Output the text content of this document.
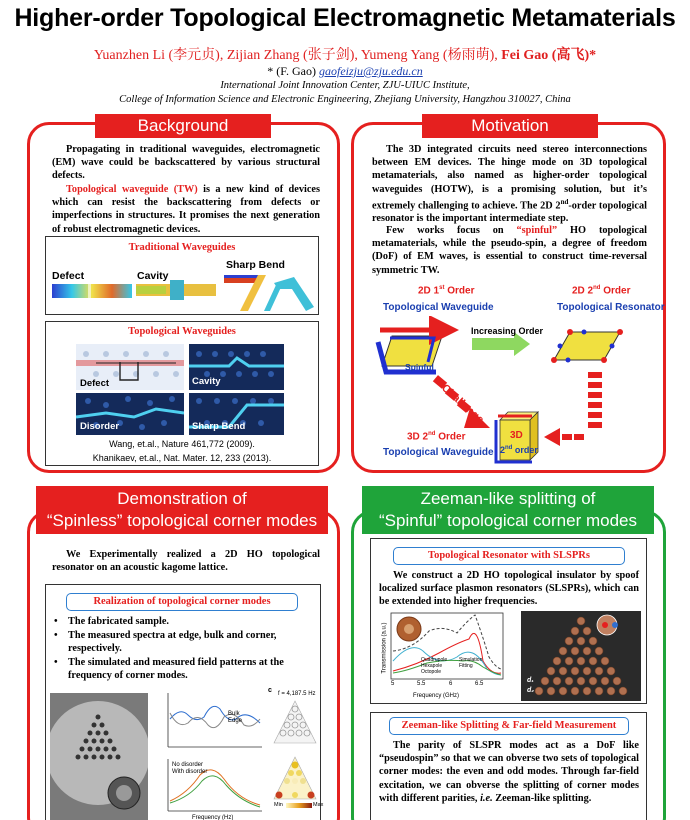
Higher-order Topological Electromagnetic Metamaterials
Yuanzhen Li (李元贞), Zijian Zhang (张子剑), Yumeng Yang (杨雨萌), Fei Gao (高飞)*
* (F. Gao) gaofeizju@zju.edu.cn
International Joint Innovation Center, ZJU-UIUC Institute,
College of Information Science and Electronic Engineering, Zhejiang University, Hangzhou 310027, China
Background
Propagating in traditional waveguides, electromagnetic (EM) wave could be backscattered by various structural defects.
Topological waveguide (TW) is a new kind of devices which can resist the backscattering from defects or imperfections in structures. It promises the next generation of robust electromagnetic devices.
Traditional Waveguides
Defect	Cavity
Sharp Bend
Topological Waveguides
Defect	Cavity
Disorder	Sharp Bend
Wang, et.al., Nature 461,772 (2009).
Khanikaev, et.al., Nat. Mater. 12, 233 (2013).
Motivation
The 3D integrated circuits need stereo interconnections between EM devices. The hinge mode on 3D topological metamaterials, also named as higher-order topological waveguides (HOTW), is a promising solution, but it’s extremely challenging to achieve. The 2D 2nd-order topological resonator is the important intermediate step.
Few works focus on “spinful” HO topological metamaterials, while the pseudo-spin, a degree of freedom (DoF) of EM waves, is essential to construct time-reversal symmetric TW.
2D 1st Order
Topological Waveguide
2D 2nd Order
Topological Resonator
Increasing Order
Spinful
Challenge
3D 2nd Order
Topological Waveguide
3D
2nd order
Demonstration of
“Spinless” topological corner modes
We Experimentally realized a 2D HO topological resonator on an acoustic kagome lattice.
Realization of topological corner modes
• The fabricated sample.
• The measured spectra at edge, bulk and corner, respectively.
• The simulated and measured field patterns at the frequency of corner modes.
Bulk
Edge
No disorder
With disorder
Frequency (Hz)
c f = 4,187.5 Hz
Min	Max
Zeeman-like splitting of
“Spinful” topological corner modes
Topological Resonator with SLSPRs
We construct a 2D HO topological insulator by spoof localized surface plasmon resonators (SLSPRs), which can be extended into higher frequencies.
Transmission (a.u.)
Frequency (GHz)
5	5.5	6	6.5
Quadrupole
Hexapole
Octopole
Simulation
Fitting
d₁
d₂
Zeeman-like Splitting & Far-field Measurement
The parity of SLSPR modes act as a DoF like “pseudospin” so that we can obverse two sets of topological corner modes: the even and odd modes. Through far-field excitation, we can obverse the splitting of corner modes with different parities, i.e. Zeeman-like splitting.
